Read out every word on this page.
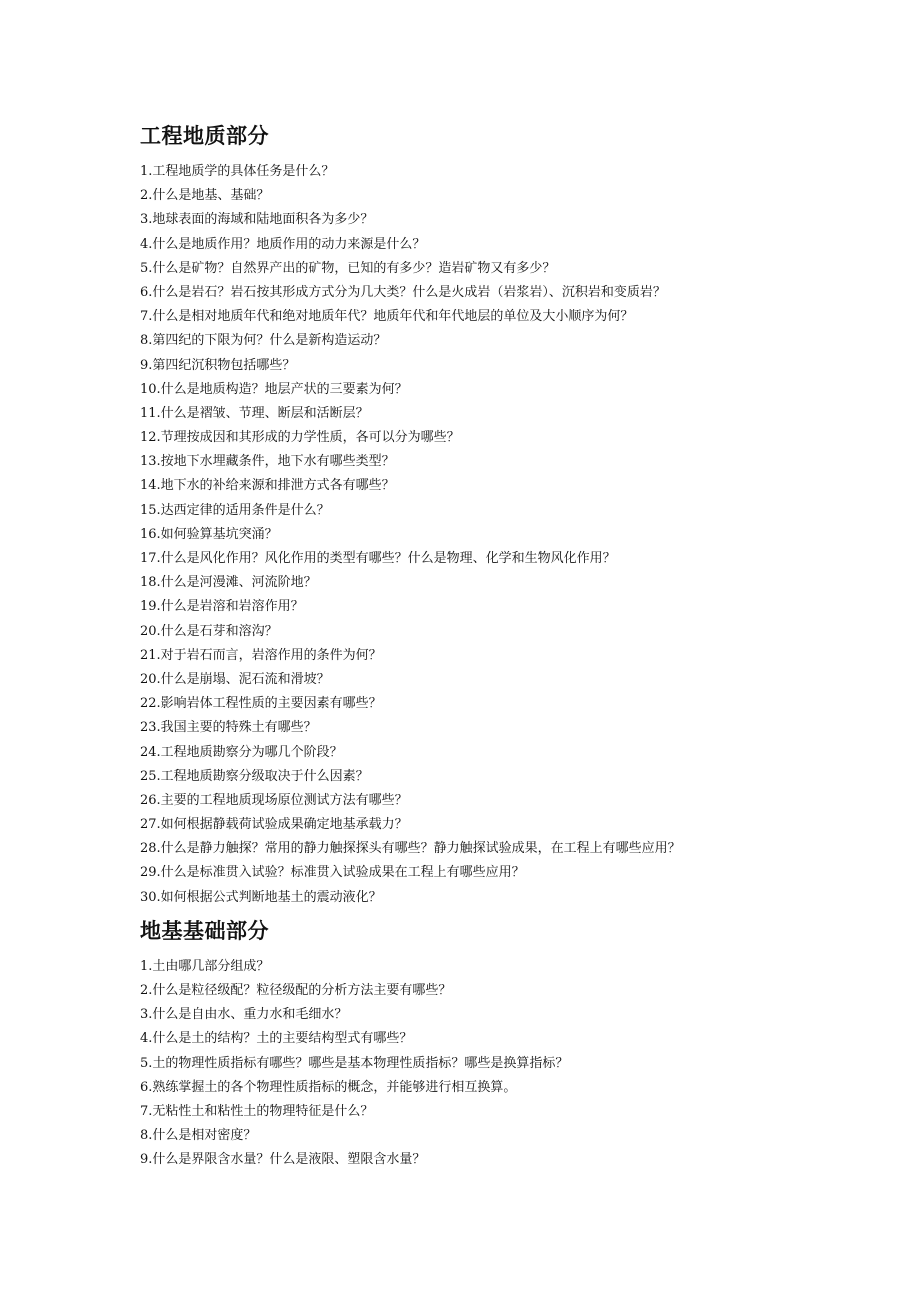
工程地质部分
1.工程地质学的具体任务是什么？
2.什么是地基、基础？
3.地球表面的海域和陆地面积各为多少？
4.什么是地质作用？地质作用的动力来源是什么？
5.什么是矿物？自然界产出的矿物，已知的有多少？造岩矿物又有多少？
6.什么是岩石？岩石按其形成方式分为几大类？什么是火成岩（岩浆岩）、沉积岩和变质岩？
7.什么是相对地质年代和绝对地质年代？地质年代和年代地层的单位及大小顺序为何？
8.第四纪的下限为何？什么是新构造运动？
9.第四纪沉积物包括哪些？
10.什么是地质构造？地层产状的三要素为何？
11.什么是褶皱、节理、断层和活断层？
12.节理按成因和其形成的力学性质，各可以分为哪些？
13.按地下水埋藏条件，地下水有哪些类型？
14.地下水的补给来源和排泄方式各有哪些？
15.达西定律的适用条件是什么？
16.如何验算基坑突涌？
17.什么是风化作用？风化作用的类型有哪些？什么是物理、化学和生物风化作用？
18.什么是河漫滩、河流阶地？
19.什么是岩溶和岩溶作用？
20.什么是石芽和溶沟？
21.对于岩石而言，岩溶作用的条件为何？
20.什么是崩塌、泥石流和滑坡？
22.影响岩体工程性质的主要因素有哪些？
23.我国主要的特殊土有哪些？
24.工程地质勘察分为哪几个阶段？
25.工程地质勘察分级取决于什么因素？
26.主要的工程地质现场原位测试方法有哪些？
27.如何根据静载荷试验成果确定地基承载力？
28.什么是静力触探？常用的静力触探探头有哪些？静力触探试验成果，在工程上有哪些应用？
29.什么是标准贯入试验？标准贯入试验成果在工程上有哪些应用？
30.如何根据公式判断地基土的震动液化？
地基基础部分
1.土由哪几部分组成？
2.什么是粒径级配？粒径级配的分析方法主要有哪些？
3.什么是自由水、重力水和毛细水？
4.什么是土的结构？土的主要结构型式有哪些？
5.土的物理性质指标有哪些？哪些是基本物理性质指标？哪些是换算指标？
6.熟练掌握土的各个物理性质指标的概念，并能够进行相互换算。
7.无粘性土和粘性土的物理特征是什么？
8.什么是相对密度？
9.什么是界限含水量？什么是液限、塑限含水量？
